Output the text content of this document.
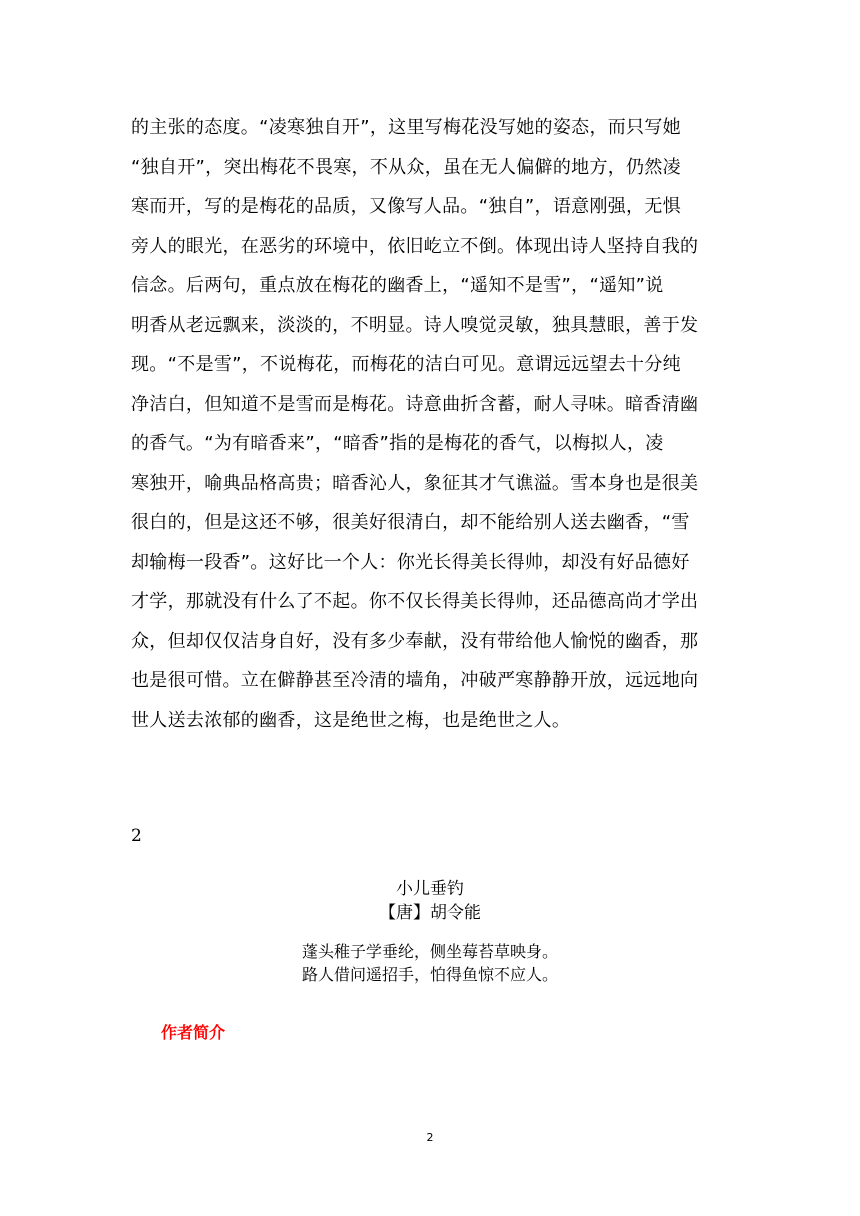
的主张的态度。“凌寒独自开”，这里写梅花没写她的姿态，而只写她
“独自开”，突出梅花不畏寒，不从众，虽在无人偏僻的地方，仍然凌
寒而开，写的是梅花的品质，又像写人品。“独自”，语意刚强，无惧
旁人的眼光，在恶劣的环境中，依旧屹立不倒。体现出诗人坚持自我的
信念。后两句，重点放在梅花的幽香上，“遥知不是雪”，“遥知”说
明香从老远飘来，淡淡的，不明显。诗人嗅觉灵敏，独具慧眼，善于发
现。“不是雪”，不说梅花，而梅花的洁白可见。意谓远远望去十分纯
净洁白，但知道不是雪而是梅花。诗意曲折含蓄，耐人寻味。暗香清幽
的香气。“为有暗香来”，“暗香”指的是梅花的香气，以梅拟人，凌
寒独开，喻典品格高贵；暗香沁人，象征其才气谯溢。雪本身也是很美
很白的，但是这还不够，很美好很清白，却不能给别人送去幽香，“雪
却输梅一段香”。这好比一个人：你光长得美长得帅，却没有好品德好
才学，那就没有什么了不起。你不仅长得美长得帅，还品德高尚才学出
众，但却仅仅洁身自好，没有多少奉献，没有带给他人愉悦的幽香，那
也是很可惜。立在僻静甚至冷清的墙角，冲破严寒静静开放，远远地向
世人送去浓郁的幽香，这是绝世之梅，也是绝世之人。
2
小儿垂钓
【唐】胡令能
蓬头稚子学垂纶，侧坐莓苔草映身。
路人借问遥招手，怕得鱼惊不应人。
作者简介
2
